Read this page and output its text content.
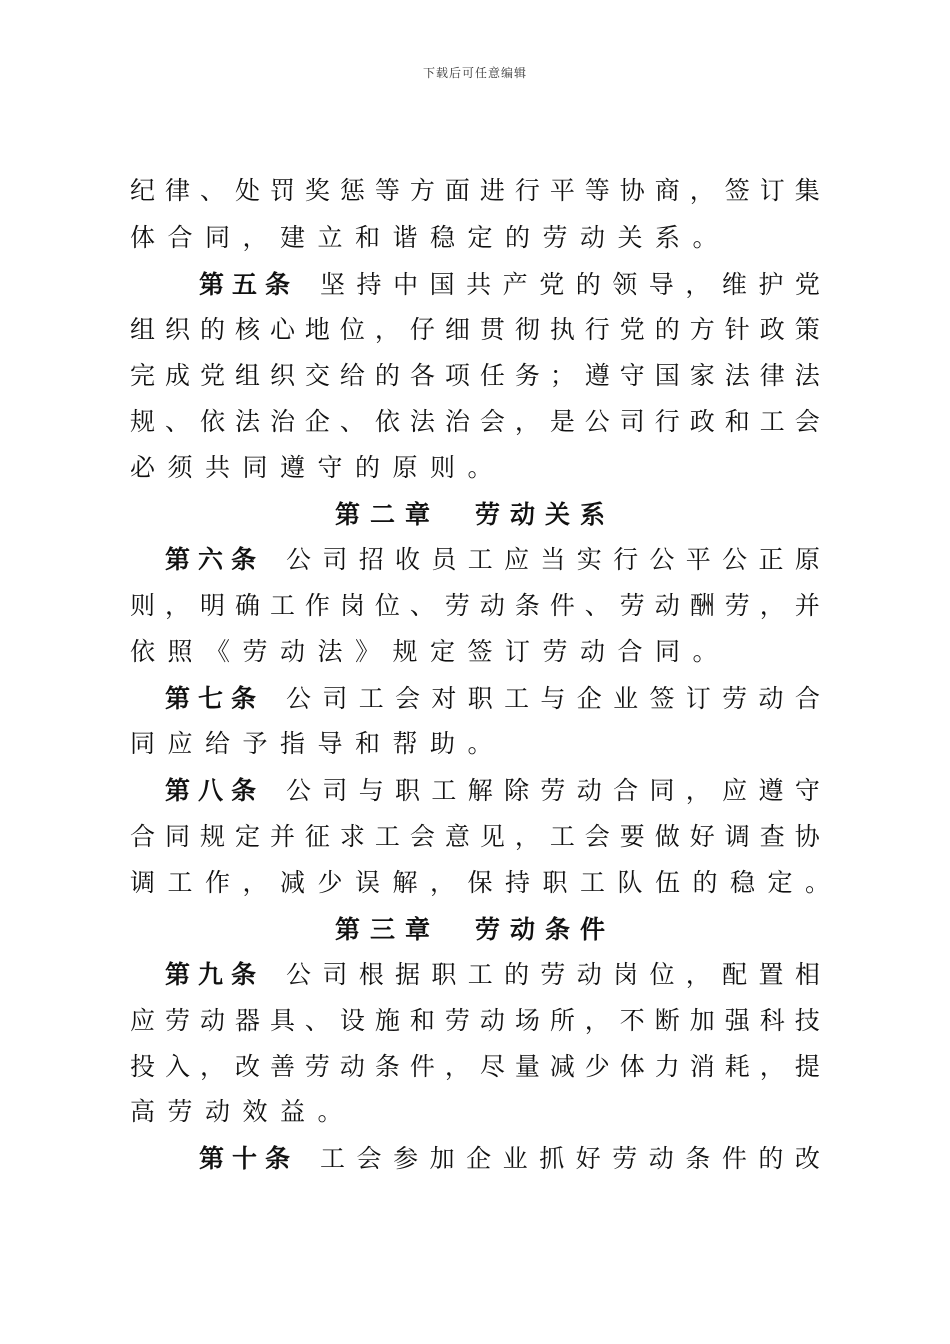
下载后可任意编辑
纪 律 、 处 罚 奖 惩 等 方 面 进 行 平 等 协 商 ， 签 订 集
体合同，建立和谐稳定的劳动关系。
第五条 坚 持 中 国 共 产 党 的 领 导 ， 维 护 党
组 织 的 核 心 地 位 ， 仔 细 贯 彻 执 行 党 的 方 针 政 策
完 成 党 组 织 交 给 的 各 项 任 务 ； 遵 守 国 家 法 律 法
规 、 依 法 治 企 、 依 法 治 会 ， 是 公 司 行 政 和 工 会
必须共同遵守的原则。
第二章　劳动关系
第六条 公 司 招 收 员 工 应 当 实 行 公 平 公 正 原
则 ， 明 确 工 作 岗 位 、 劳 动 条 件 、 劳 动 酬 劳 ， 并
依照《劳动法》规定签订劳动合同。
第七条 公 司 工 会 对 职 工 与 企 业 签 订 劳 动 合
同应给予指导和帮助。
第八条 公 司 与 职 工 解 除 劳 动 合 同 ， 应 遵 守
合 同 规 定 并 征 求 工 会 意 见 ， 工 会 要 做 好 调 查 协
调工作，减少误解，保持职工队伍的稳定。
第三章　劳动条件
第九条 公 司 根 据 职 工 的 劳 动 岗 位 ， 配 置 相
应 劳 动 器 具 、 设 施 和 劳 动 场 所 ， 不 断 加 强 科 技
投 入 ， 改 善 劳 动 条 件 ， 尽 量 减 少 体 力 消 耗 ， 提
高劳动效益。
第十条 工 会 参 加 企 业 抓 好 劳 动 条 件 的 改
